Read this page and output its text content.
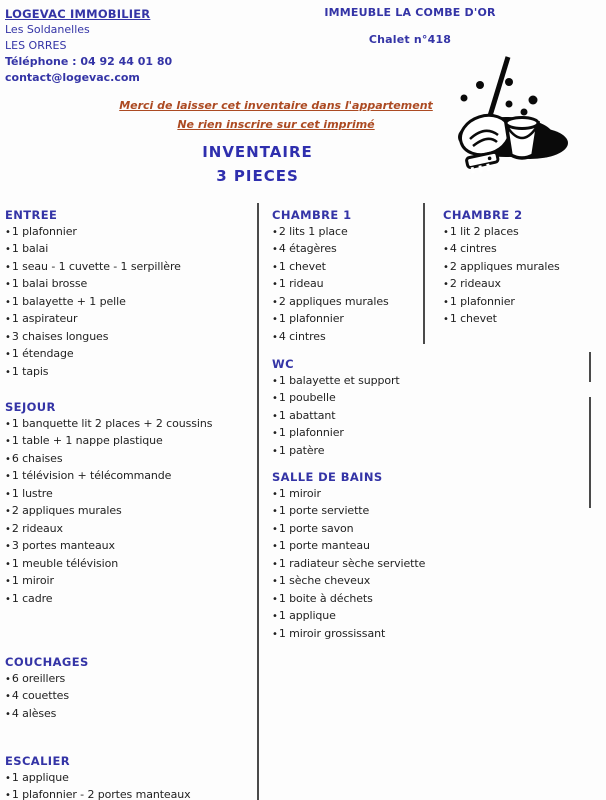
LOGEVAC IMMOBILIER
Les Soldanelles
LES ORRES
Téléphone : 04 92 44 01 80
contact@logevac.com
IMMEUBLE LA COMBE D'OR
Chalet n°418
Merci de laisser cet inventaire dans l'appartement
Ne rien inscrire sur cet imprimé
INVENTAIRE
3 PIECES
ENTREE
•1 plafonnier
•1 balai
•1 seau - 1 cuvette - 1 serpillère
•1 balai brosse
•1 balayette + 1 pelle
•1 aspirateur
•3 chaises longues
•1 étendage
•1 tapis
SEJOUR
•1 banquette lit 2 places + 2 coussins
•1 table + 1 nappe plastique
•6 chaises
•1 télévision + télécommande
•1 lustre
•2 appliques murales
•2 rideaux
•3 portes manteaux
•1 meuble télévision
•1 miroir
•1 cadre
COUCHAGES
•6 oreillers
•4 couettes
•4 alèses
ESCALIER
•1 applique
•1 plafonnier - 2 portes manteaux
CHAMBRE 1
•2 lits 1 place
•4 étagères
•1 chevet
•1 rideau
•2 appliques murales
•1 plafonnier
•4 cintres
WC
•1 balayette et support
•1 poubelle
•1 abattant
•1 plafonnier
•1 patère
SALLE DE BAINS
•1 miroir
•1 porte serviette
•1 porte savon
•1 porte manteau
•1 radiateur sèche serviette
•1 sèche cheveux
•1 boite à déchets
•1 applique
•1 miroir grossissant
CHAMBRE 2
•1 lit 2 places
•4 cintres
•2 appliques murales
•2 rideaux
•1 plafonnier
•1 chevet
